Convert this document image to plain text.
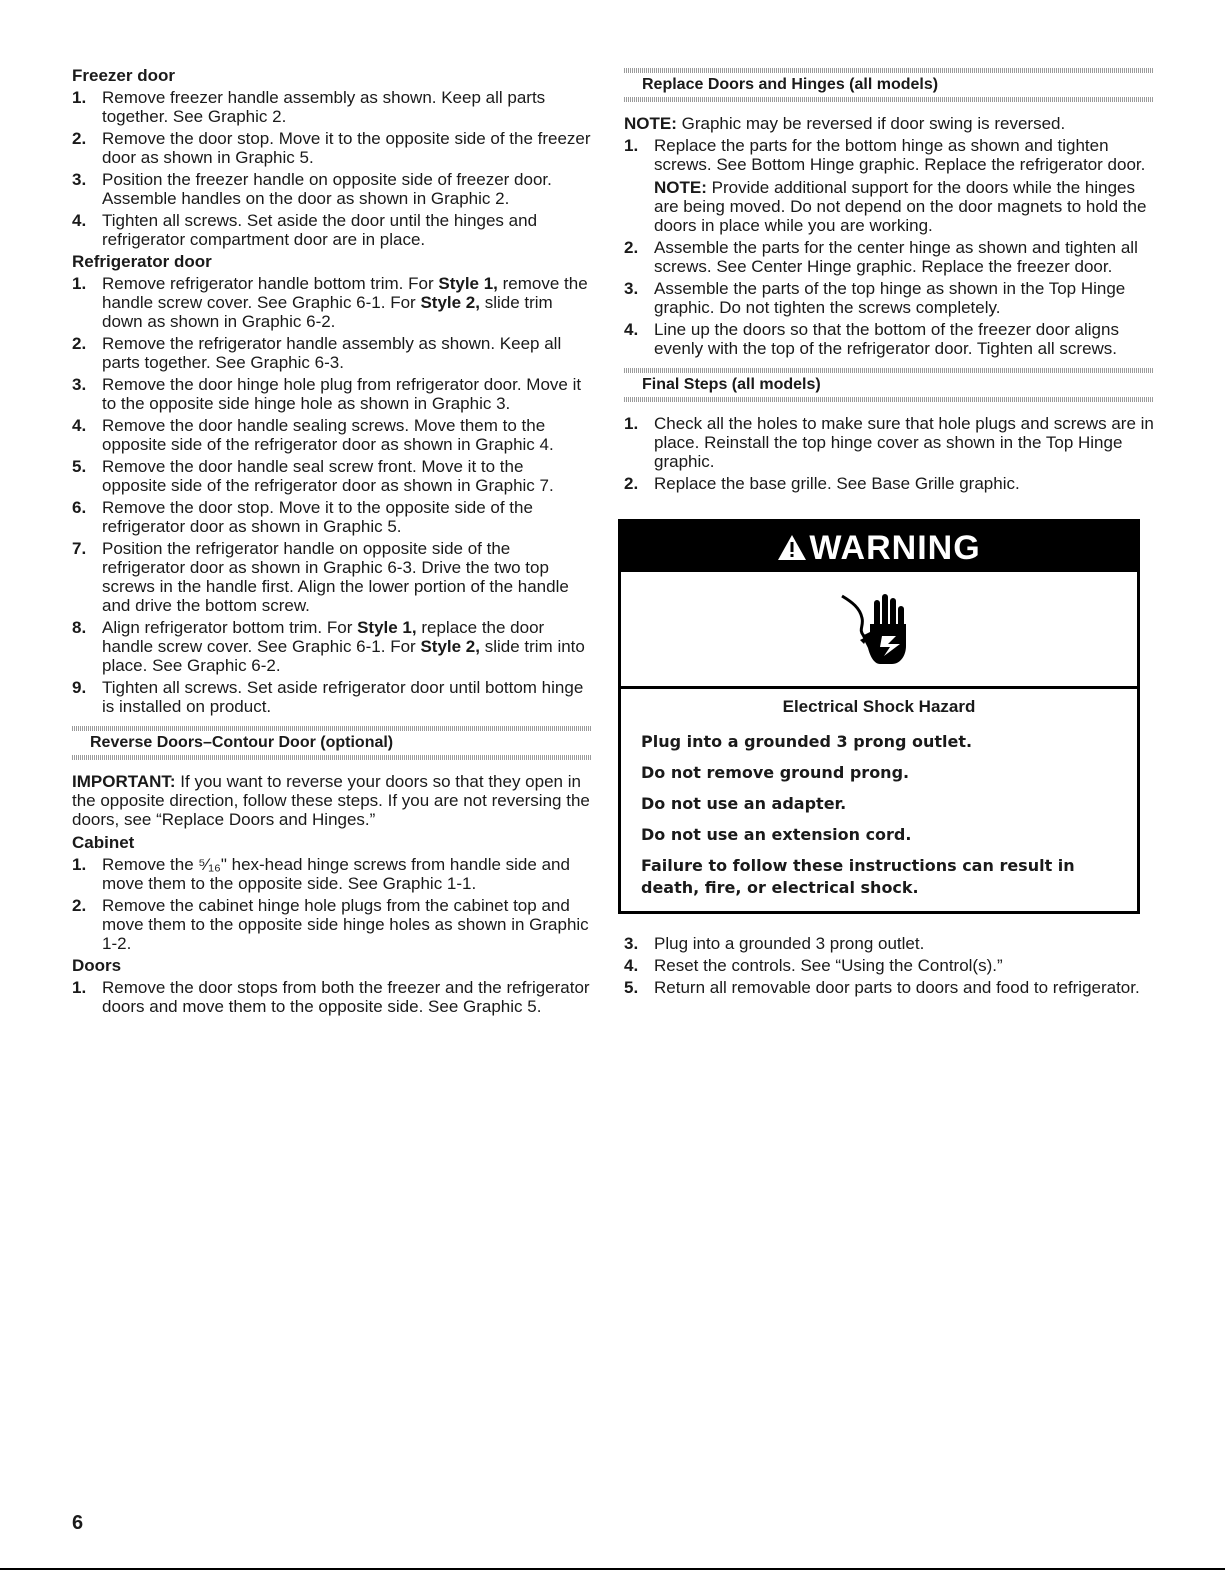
Freezer door
1. Remove freezer handle assembly as shown. Keep all parts together. See Graphic 2.
2. Remove the door stop. Move it to the opposite side of the freezer door as shown in Graphic 5.
3. Position the freezer handle on opposite side of freezer door. Assemble handles on the door as shown in Graphic 2.
4. Tighten all screws. Set aside the door until the hinges and refrigerator compartment door are in place.
Refrigerator door
1. Remove refrigerator handle bottom trim. For Style 1, remove the handle screw cover. See Graphic 6-1. For Style 2, slide trim down as shown in Graphic 6-2.
2. Remove the refrigerator handle assembly as shown. Keep all parts together. See Graphic 6-3.
3. Remove the door hinge hole plug from refrigerator door. Move it to the opposite side hinge hole as shown in Graphic 3.
4. Remove the door handle sealing screws. Move them to the opposite side of the refrigerator door as shown in Graphic 4.
5. Remove the door handle seal screw front. Move it to the opposite side of the refrigerator door as shown in Graphic 7.
6. Remove the door stop. Move it to the opposite side of the refrigerator door as shown in Graphic 5.
7. Position the refrigerator handle on opposite side of the refrigerator door as shown in Graphic 6-3. Drive the two top screws in the handle first. Align the lower portion of the handle and drive the bottom screw.
8. Align refrigerator bottom trim. For Style 1, replace the door handle screw cover. See Graphic 6-1. For Style 2, slide trim into place. See Graphic 6-2.
9. Tighten all screws. Set aside refrigerator door until bottom hinge is installed on product.
Reverse Doors–Contour Door (optional)

IMPORTANT: If you want to reverse your doors so that they open in the opposite direction, follow these steps. If you are not reversing the doors, see “Replace Doors and Hinges.”

Cabinet
1. Remove the ⁵⁄₁₆" hex-head hinge screws from handle side and move them to the opposite side. See Graphic 1-1.
2. Remove the cabinet hinge hole plugs from the cabinet top and move them to the opposite side hinge holes as shown in Graphic 1-2.
Doors
1. Remove the door stops from both the freezer and the refrigerator doors and move them to the opposite side. See Graphic 5.
Replace Doors and Hinges (all models)

NOTE: Graphic may be reversed if door swing is reversed.

1. Replace the parts for the bottom hinge as shown and tighten screws. See Bottom Hinge graphic. Replace the refrigerator door.
NOTE: Provide additional support for the doors while the hinges are being moved. Do not depend on the door magnets to hold the doors in place while you are working.
2. Assemble the parts for the center hinge as shown and tighten all screws. See Center Hinge graphic. Replace the freezer door.
3. Assemble the parts of the top hinge as shown in the Top Hinge graphic. Do not tighten the screws completely.
4. Line up the doors so that the bottom of the freezer door aligns evenly with the top of the refrigerator door. Tighten all screws.
Final Steps (all models)
1. Check all the holes to make sure that hole plugs and screws are in place. Reinstall the top hinge cover as shown in the Top Hinge graphic.
2. Replace the base grille. See Base Grille graphic.
WARNING
Electrical Shock Hazard

Plug into a grounded 3 prong outlet.

Do not remove ground prong.

Do not use an adapter.

Do not use an extension cord.

Failure to follow these instructions can result in death, fire, or electrical shock.

3. Plug into a grounded 3 prong outlet.
4. Reset the controls. See “Using the Control(s).”
5. Return all removable door parts to doors and food to refrigerator.
6
